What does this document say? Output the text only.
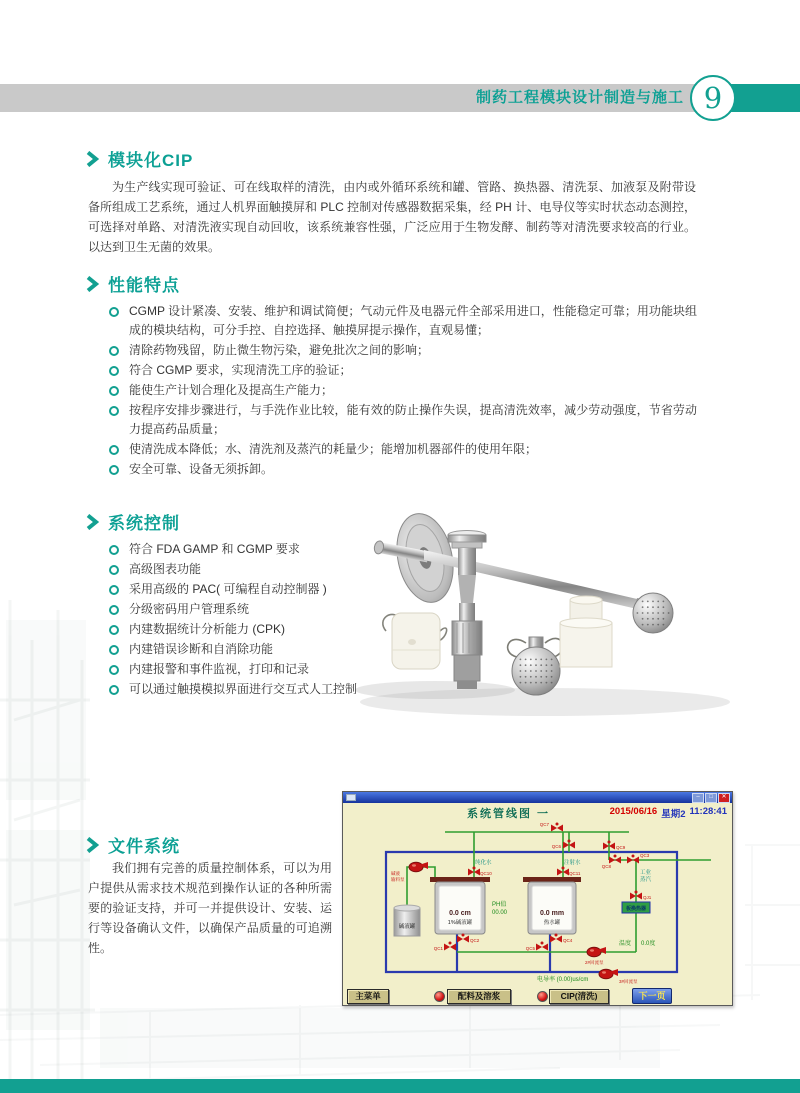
制药工程模块设计制造与施工 9
模块化CIP
为生产线实现可验证、可在线取样的清洗，由内或外循环系统和罐、管路、换热器、清洗泵、加液泵及附带设备所组成工艺系统，通过人机界面触摸屏和 PLC 控制对传感器数据采集，经 PH 计、电导仪等实时状态动态测控，可选择对单路、对清洗液实现自动回收，该系统兼容性强，广泛应用于生物发酵、制药等对清洗要求较高的行业。以达到卫生无菌的效果。
性能特点
CGMP 设计紧凑、安装、维护和调试简便；气动元件及电器元件全部采用进口，性能稳定可靠；用功能块组成的模块结构，可分手控、自控选择、触摸屏提示操作，直观易懂；
清除药物残留，防止微生物污染，避免批次之间的影响；
符合 CGMP 要求，实现清洗工序的验证；
能使生产计划合理化及提高生产能力；
按程序安排步骤进行，与手洗作业比较，能有效的防止操作失误，提高清洗效率，减少劳动强度，节省劳动力提高药品质量；
使清洗成本降低；水、清洗剂及蒸汽的耗量少；能增加机器部件的使用年限；
安全可靠、设备无须拆卸。
系统控制
符合 FDA GAMP 和 CGMP 要求
高级图表功能
采用高级的 PAC( 可编程自动控制器 )
分级密码用户管理系统
内建数据统计分析能力 (CPK)
内建错误诊断和自消除功能
内建报警和事件监视，打印和记录
可以通过触摸模拟界面进行交互式人工控制
文件系统
我们拥有完善的质量控制体系，可以为用户提供从需求技术规范到操作认证的各种所需要的验证支持，并可一并提供设计、安装、运行等设备确认文件，以确保产品质量的可追溯性。
–	□	✕
系统管线图 一	2015/06/16 星期2 11:28:41
碱液罐
0.0 cm
1%碱液罐
0.0 mm
热水罐
板换热器
纯化水	注射水
工业
蒸汽
PH值
00.00
温度 0.0度
电导率 (0.00)us/cm
QC7
QC6	QC9
QC8
QC3
QC10	QC11
QJ1
QC2
QC1
QC4
QC5
碱液
输料泵
2#回流泵
3#回流泵
主菜单	配料及溶浆	CIP(清洗)	下一页
